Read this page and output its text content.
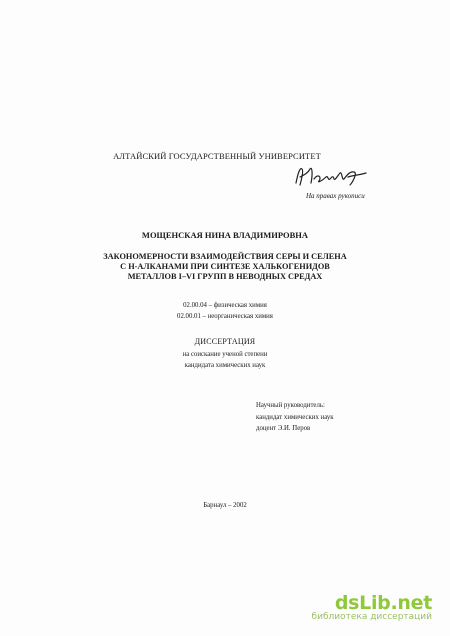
АЛТАЙСКИЙ ГОСУДАРСТВЕННЫЙ УНИВЕРСИТЕТ
На правах рукописи
МОЩЕНСКАЯ НИНА ВЛАДИМИРОВНА
ЗАКОНОМЕРНОСТИ ВЗАИМОДЕЙСТВИЯ СЕРЫ И СЕЛЕНА
С Н-АЛКАНАМИ ПРИ СИНТЕЗЕ ХАЛЬКОГЕНИДОВ
МЕТАЛЛОВ I–VI ГРУПП В НЕВОДНЫХ СРЕДАХ
02.00.04 – физическая химия
02.00.01 – неорганическая химия
ДИССЕРТАЦИЯ
на соискание ученой степени
кандидата химических наук
Научный руководитель:
кандидат химических наук
доцент Э.И. Перов
Барнаул – 2002
dsLib.net
библиотека диссертаций
